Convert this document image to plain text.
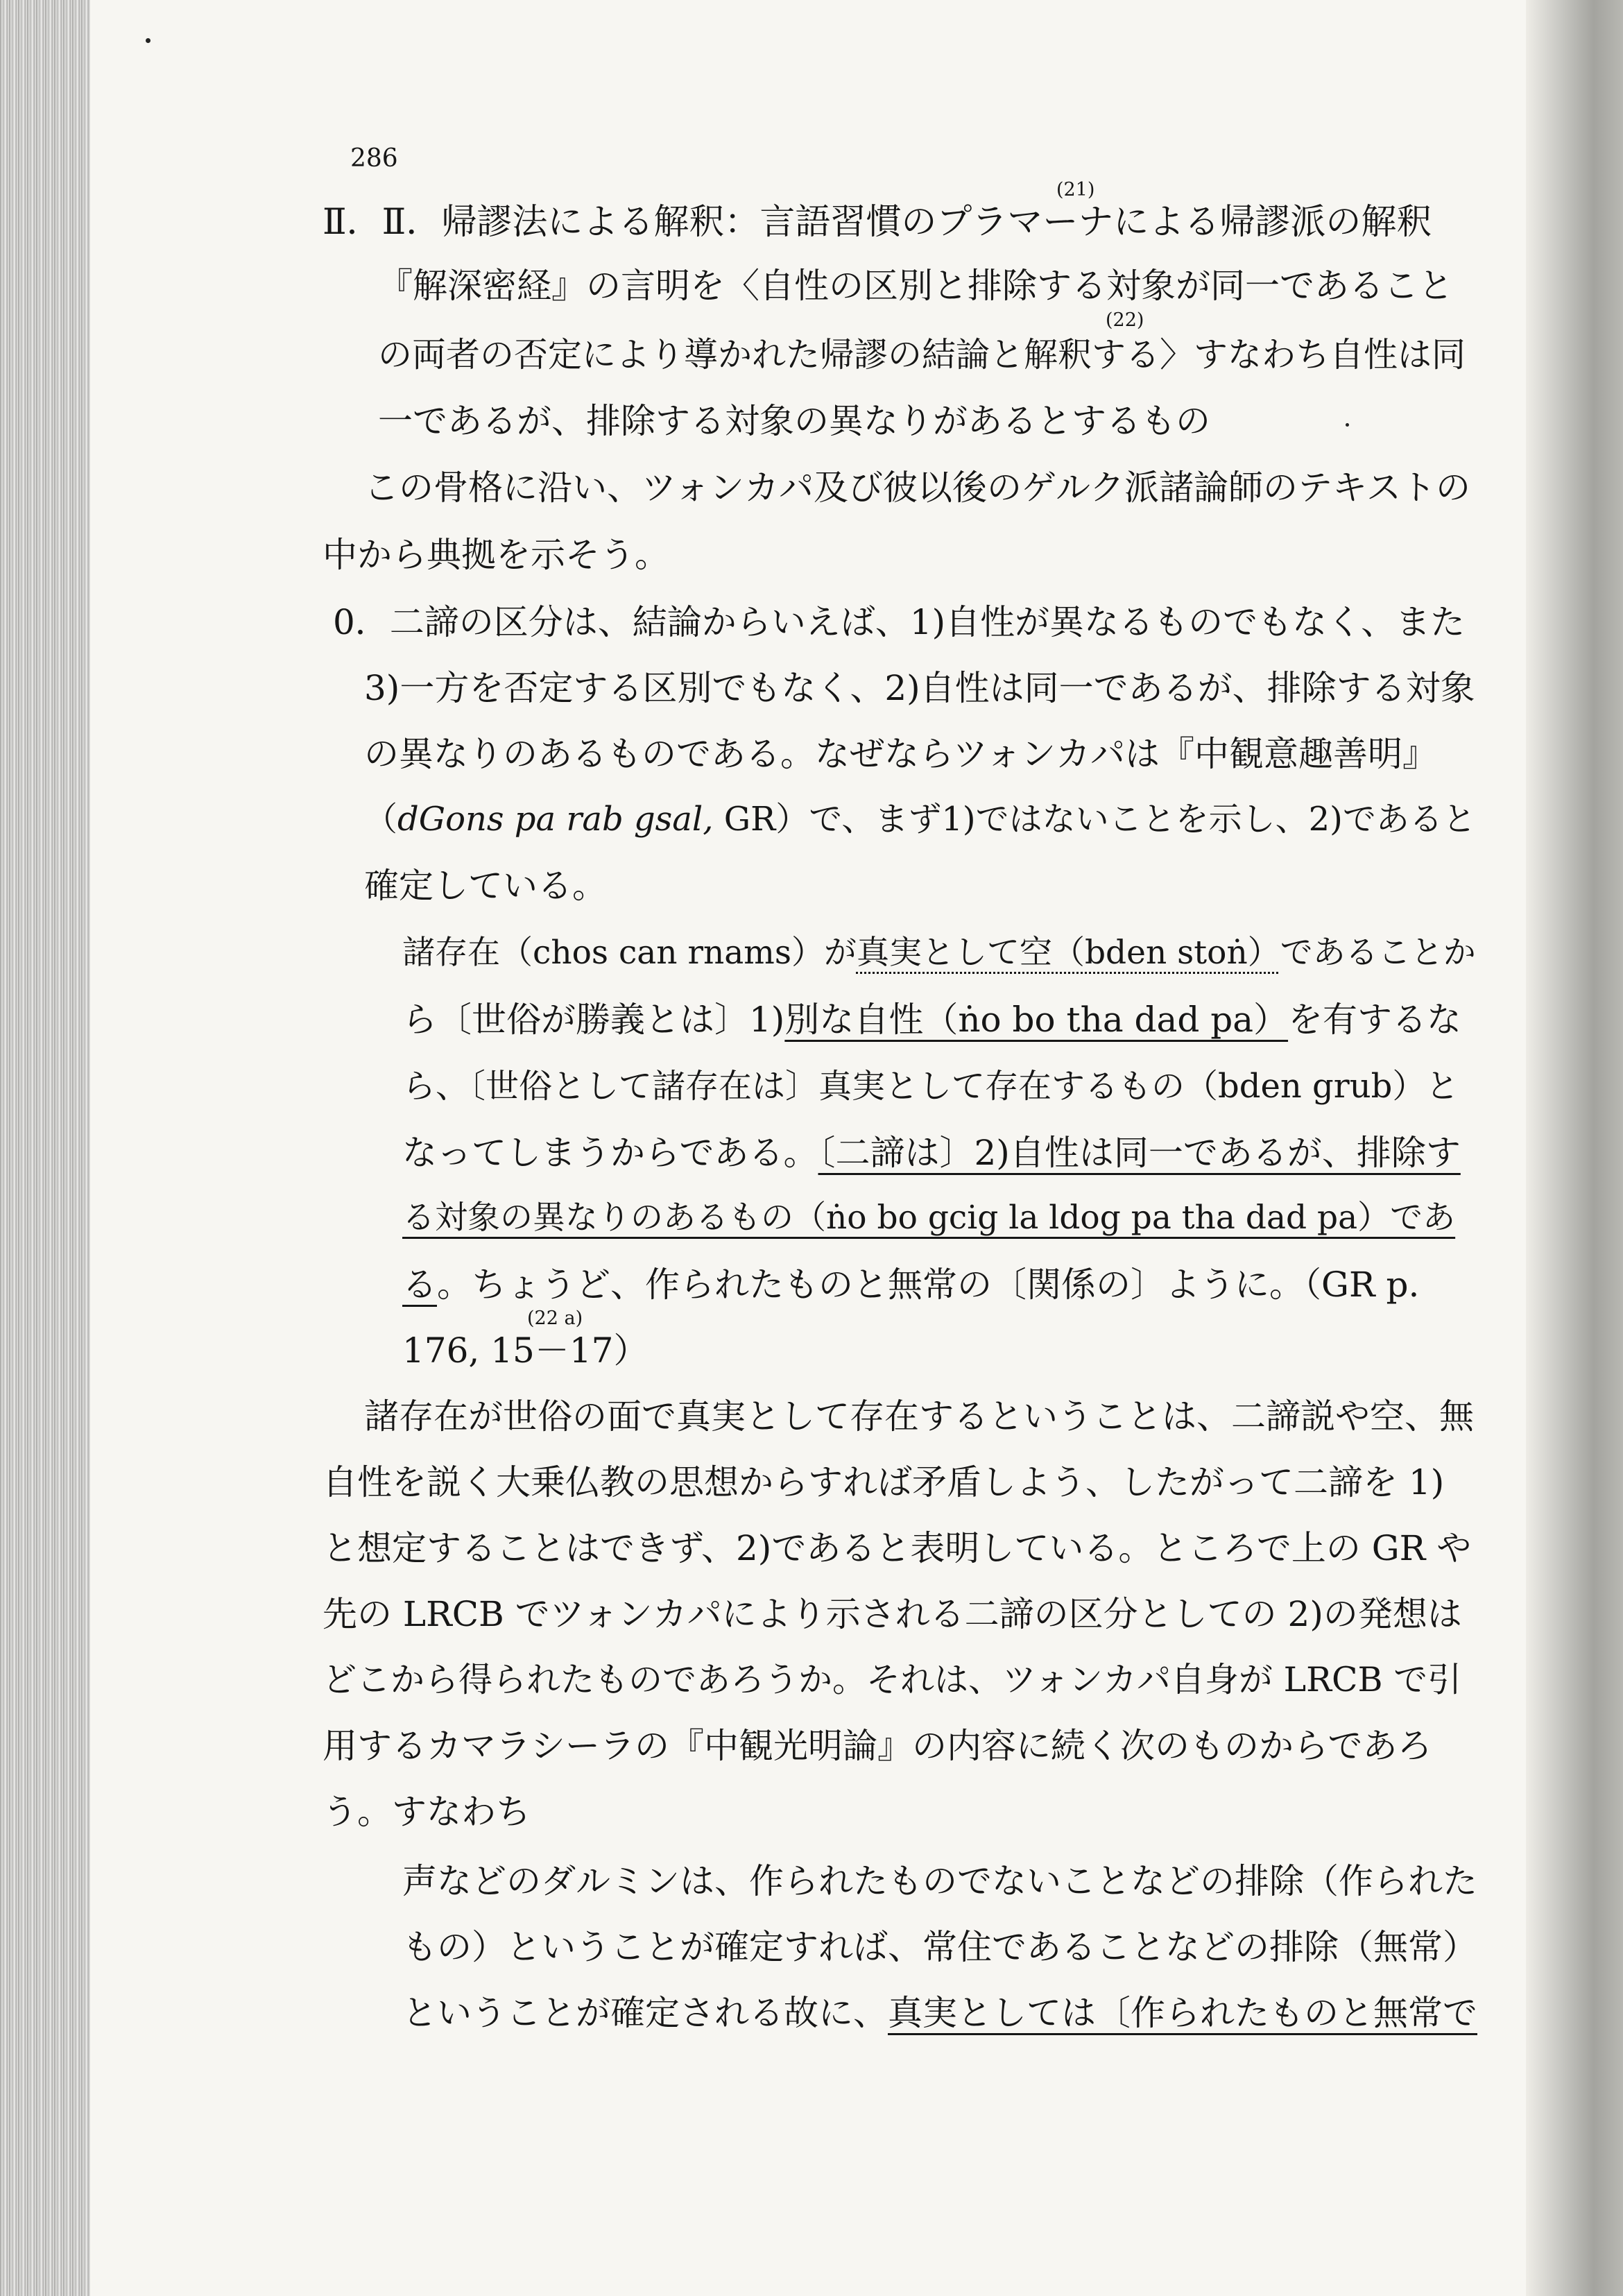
286
(21)
Ⅱ．Ⅱ．帰謬法による解釈：言語習慣のプラマーナによる帰謬派の解釈
『解深密経』の言明を〈自性の区別と排除する対象が同一であること
(22)
の両者の否定により導かれた帰謬の結論と解釈する〉すなわち自性は同
一であるが、排除する対象の異なりがあるとするもの
この骨格に沿い、ツォンカパ及び彼以後のゲルク派諸論師のテキストの
中から典拠を示そう。
0．二諦の区分は、結論からいえば、1)自性が異なるものでもなく、また
3)一方を否定する区別でもなく、2)自性は同一であるが、排除する対象
の異なりのあるものである。なぜならツォンカパは『中観意趣善明』
（dGons pa rab gsal, GR）で、まず1)ではないことを示し、2)であると
確定している。
諸存在（chos can rnams）が真実として空（bden stoṅ）であることか
ら〔世俗が勝義とは〕1)別な自性（ṅo bo tha dad pa）を有するな
ら、〔世俗として諸存在は〕真実として存在するもの（bden grub）と
なってしまうからである。〔二諦は〕2)自性は同一であるが、排除す
る対象の異なりのあるもの（ṅo bo gcig la ldog pa tha dad pa）であ
る。ちょうど、作られたものと無常の〔関係の〕ように。（GR p.
(22 a)
176, 15－17）
諸存在が世俗の面で真実として存在するということは、二諦説や空、無
自性を説く大乗仏教の思想からすれば矛盾しよう、したがって二諦を 1)
と想定することはできず、2)であると表明している。ところで上の GR や
先の LRCB でツォンカパにより示される二諦の区分としての 2)の発想は
どこから得られたものであろうか。それは、ツォンカパ自身が LRCB で引
用するカマラシーラの『中観光明論』の内容に続く次のものからであろ
う。すなわち
声などのダルミンは、作られたものでないことなどの排除（作られた
もの）ということが確定すれば、常住であることなどの排除（無常）
ということが確定される故に、真実としては〔作られたものと無常で
